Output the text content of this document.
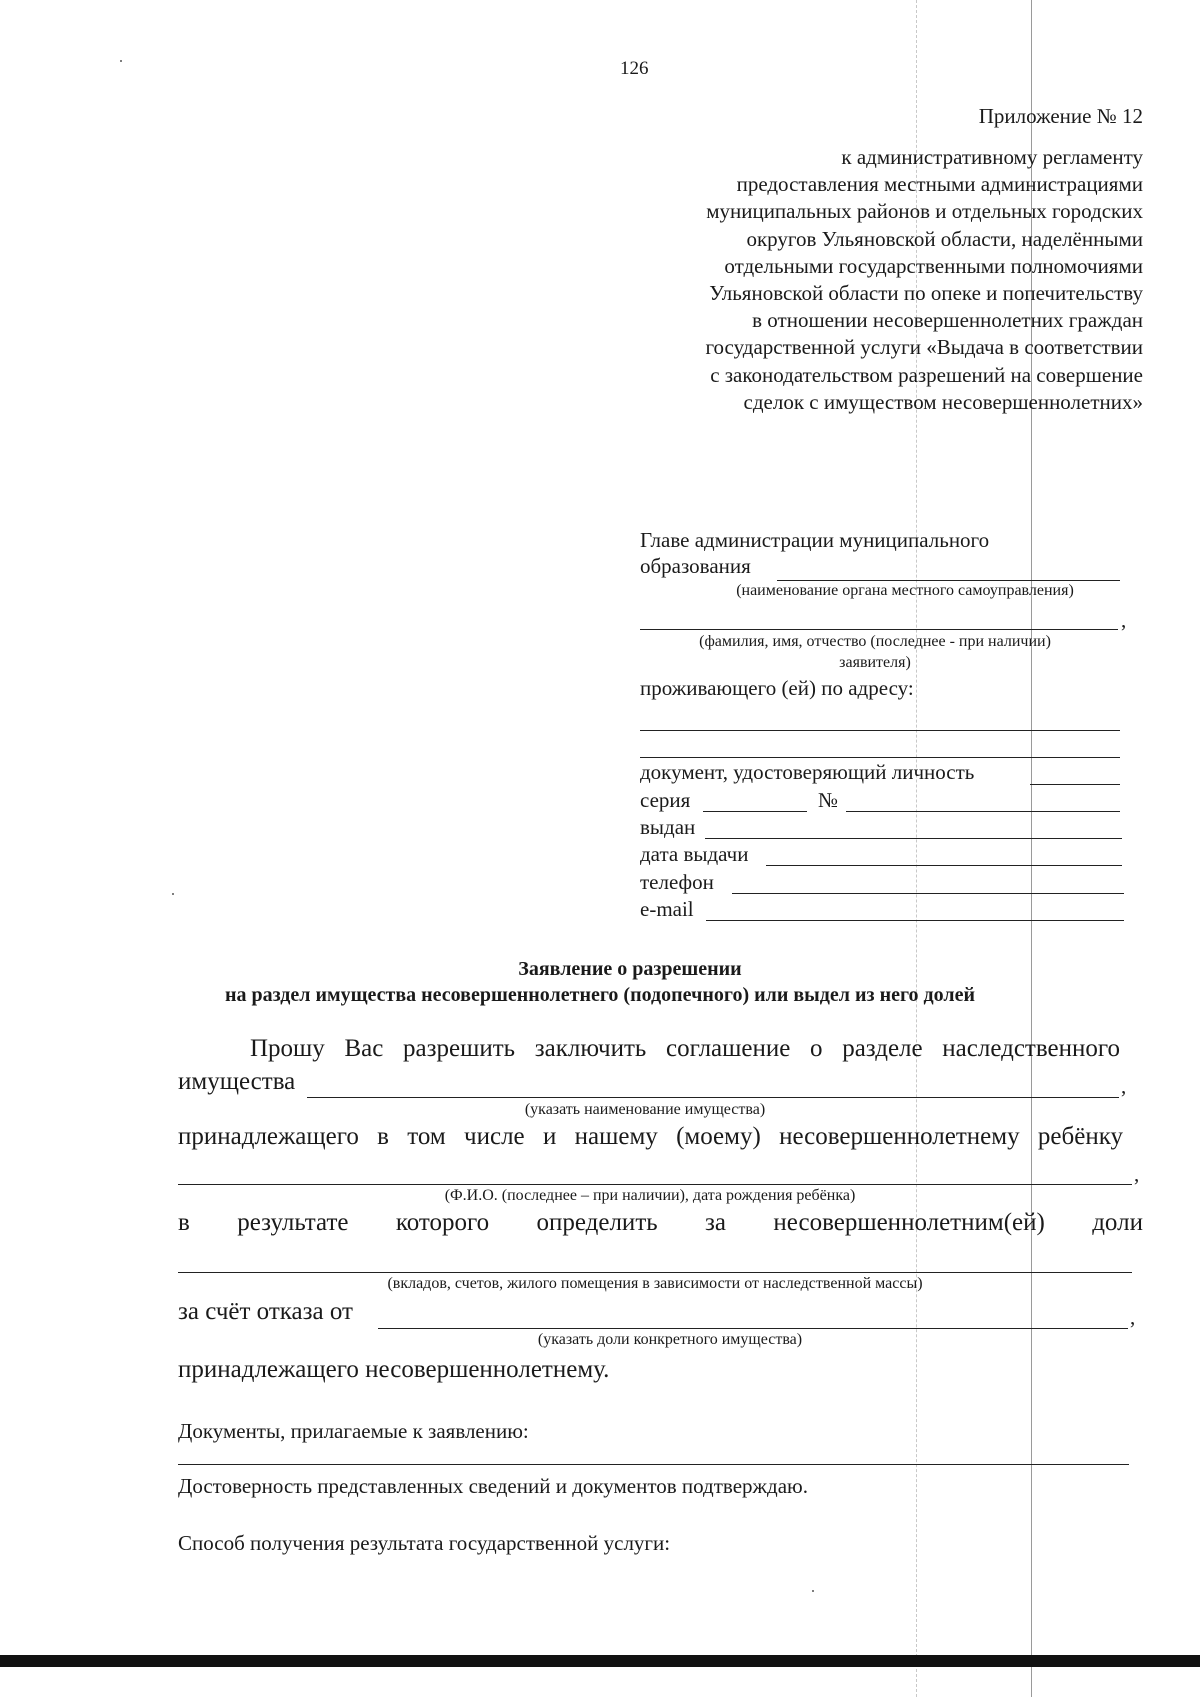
126
Приложение № 12
к административному регламенту
предоставления местными администрациями
муниципальных районов и отдельных городских
округов Ульяновской области, наделёнными
отдельными государственными полномочиями
Ульяновской области по опеке и попечительству
в отношении несовершеннолетних граждан
государственной услуги «Выдача в соответствии
с законодательством разрешений на совершение
сделок с имуществом несовершеннолетних»
Главе администрации муниципального
образования
(наименование органа местного самоуправления)
,
(фамилия, имя, отчество (последнее - при наличии)
заявителя)
проживающего (ей) по адресу:
документ, удостоверяющий личность
серия	№
выдан
дата выдачи
телефон
e-mail
Заявление о разрешении
на раздел имущества несовершеннолетнего (подопечного) или выдел из него долей
Прошу Вас разрешить заключить соглашение о разделе наследственного
имущества	,
(указать наименование имущества)
принадлежащего в том числе и нашему (моему) несовершеннолетнему ребёнку
,
(Ф.И.О. (последнее – при наличии), дата рождения ребёнка)
в результате которого определить за несовершеннолетним(ей) доли
(вкладов, счетов, жилого помещения в зависимости от наследственной массы)
за счёт отказа от	,
(указать доли конкретного имущества)
принадлежащего несовершеннолетнему.
Документы, прилагаемые к заявлению:
Достоверность представленных сведений и документов подтверждаю.
Способ получения результата государственной услуги:
